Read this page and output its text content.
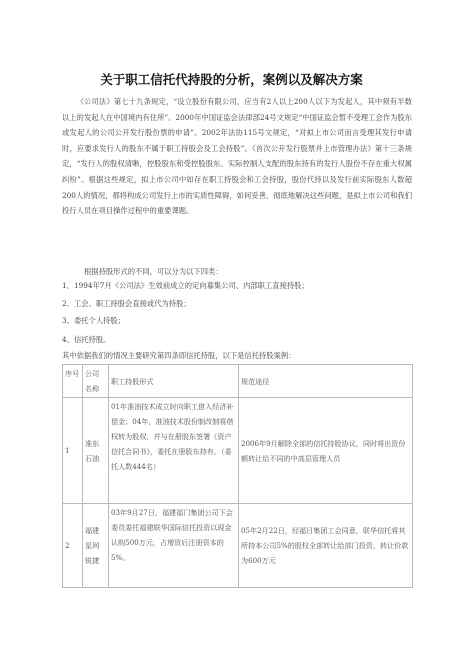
关于职工信托代持股的分析，案例以及解决方案

《公司法》第七十九条规定，“设立股份有限公司，应当有2人以上200人以下为发起人，其中须有半数以上的发起人在中国境内有住所”。2000年中国证监会法律部24号文规定“中国证监会暂不受理工会作为股东或发起人的公司公开发行股份票的申请”。2002年法协115号文规定，“对拟上市公司而言受理其发行申请时，应要求发行人的股东不属于职工持股会及工会持股”。《首次公开发行股票并上市管理办法》第十三条规定，“发行人的股权清晰，控股股东和受控股股东、实际控制人支配的股东持有的发行人股份不存在重大权属纠纷”。根据这些规定，拟上市公司中如存在职工持股会和工会持股，股份代持以及发行前实际股东人数超200人的情况，都将构成公司发行上市的实质性障碍，如何妥善、彻底地解决这些问题，是拟上市公司和我们投行人员在项目操作过程中的重要课题。

根据持股形式的不同，可以分为以下四类：
1、1994年7月《公司法》生效前成立的定向募集公司、内部职工直接持股；
2、工会、职工持股会直接或代为持股；
3、委托个人持股；
4、信托持股。
其中依据我们的情况主要研究第四条即信托持股，以下是信托持股案例：
序号	公司名称	职工持股形式	规范途径
1	准东石油	01年准油技术成立时向职工借入经济补偿金；04年，准油技术股份制改制将借权转为股权，并与在册股东签署《资产信托合同书》，委托在册股东持有。（委托人数444名）	2006年9月解除全部的信托持股协议，同时将出资份额转让给不同的中高层管理人员
2	福建星网锐捷	03年9月27日，福建福门集团公司下会委员委托福建联华国际信托投资以现金认购500万元，占增资后注册资本的5%。	05年2月22日，经福日集团工会同意，联华信托将其所持本公司5%的股权全部转让给部门投资，转让价款为600万元
